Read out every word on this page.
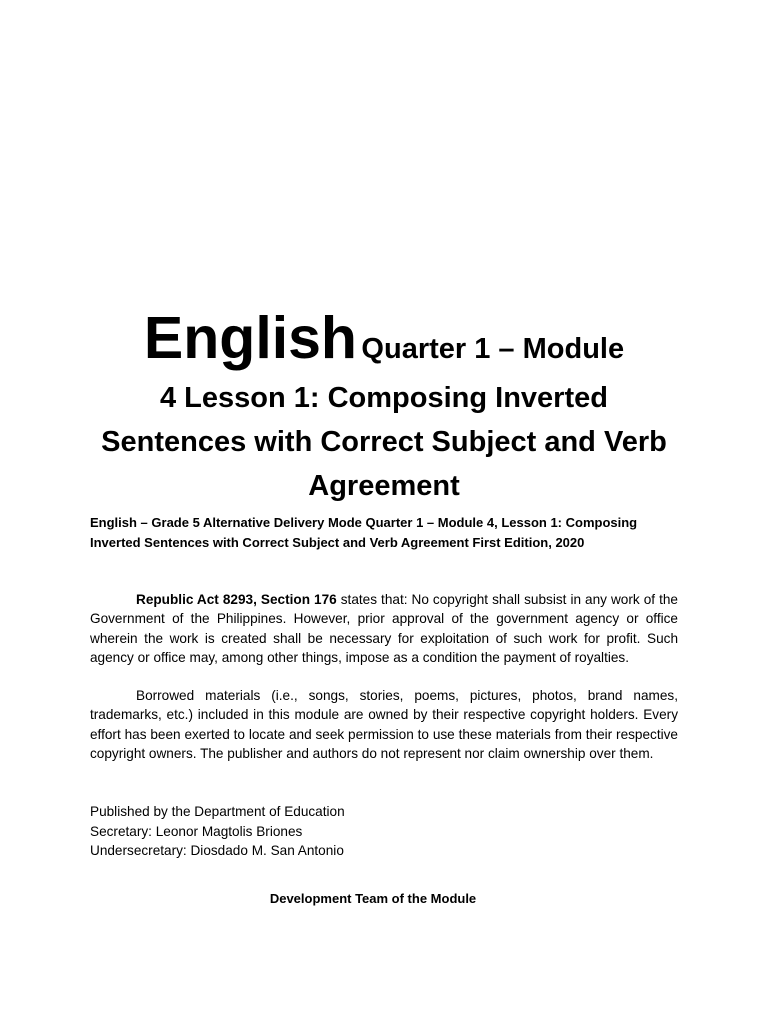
English Quarter 1 – Module

4 Lesson 1: Composing Inverted Sentences with Correct Subject and Verb Agreement

English – Grade 5 Alternative Delivery Mode Quarter 1 – Module 4, Lesson 1: Composing Inverted Sentences with Correct Subject and Verb Agreement First Edition, 2020

Republic Act 8293, Section 176 states that: No copyright shall subsist in any work of the Government of the Philippines. However, prior approval of the government agency or office wherein the work is created shall be necessary for exploitation of such work for profit. Such agency or office may, among other things, impose as a condition the payment of royalties.

Borrowed materials (i.e., songs, stories, poems, pictures, photos, brand names, trademarks, etc.) included in this module are owned by their respective copyright holders. Every effort has been exerted to locate and seek permission to use these materials from their respective copyright owners. The publisher and authors do not represent nor claim ownership over them.

Published by the Department of Education
Secretary: Leonor Magtolis Briones
Undersecretary: Diosdado M. San Antonio

Development Team of the Module
